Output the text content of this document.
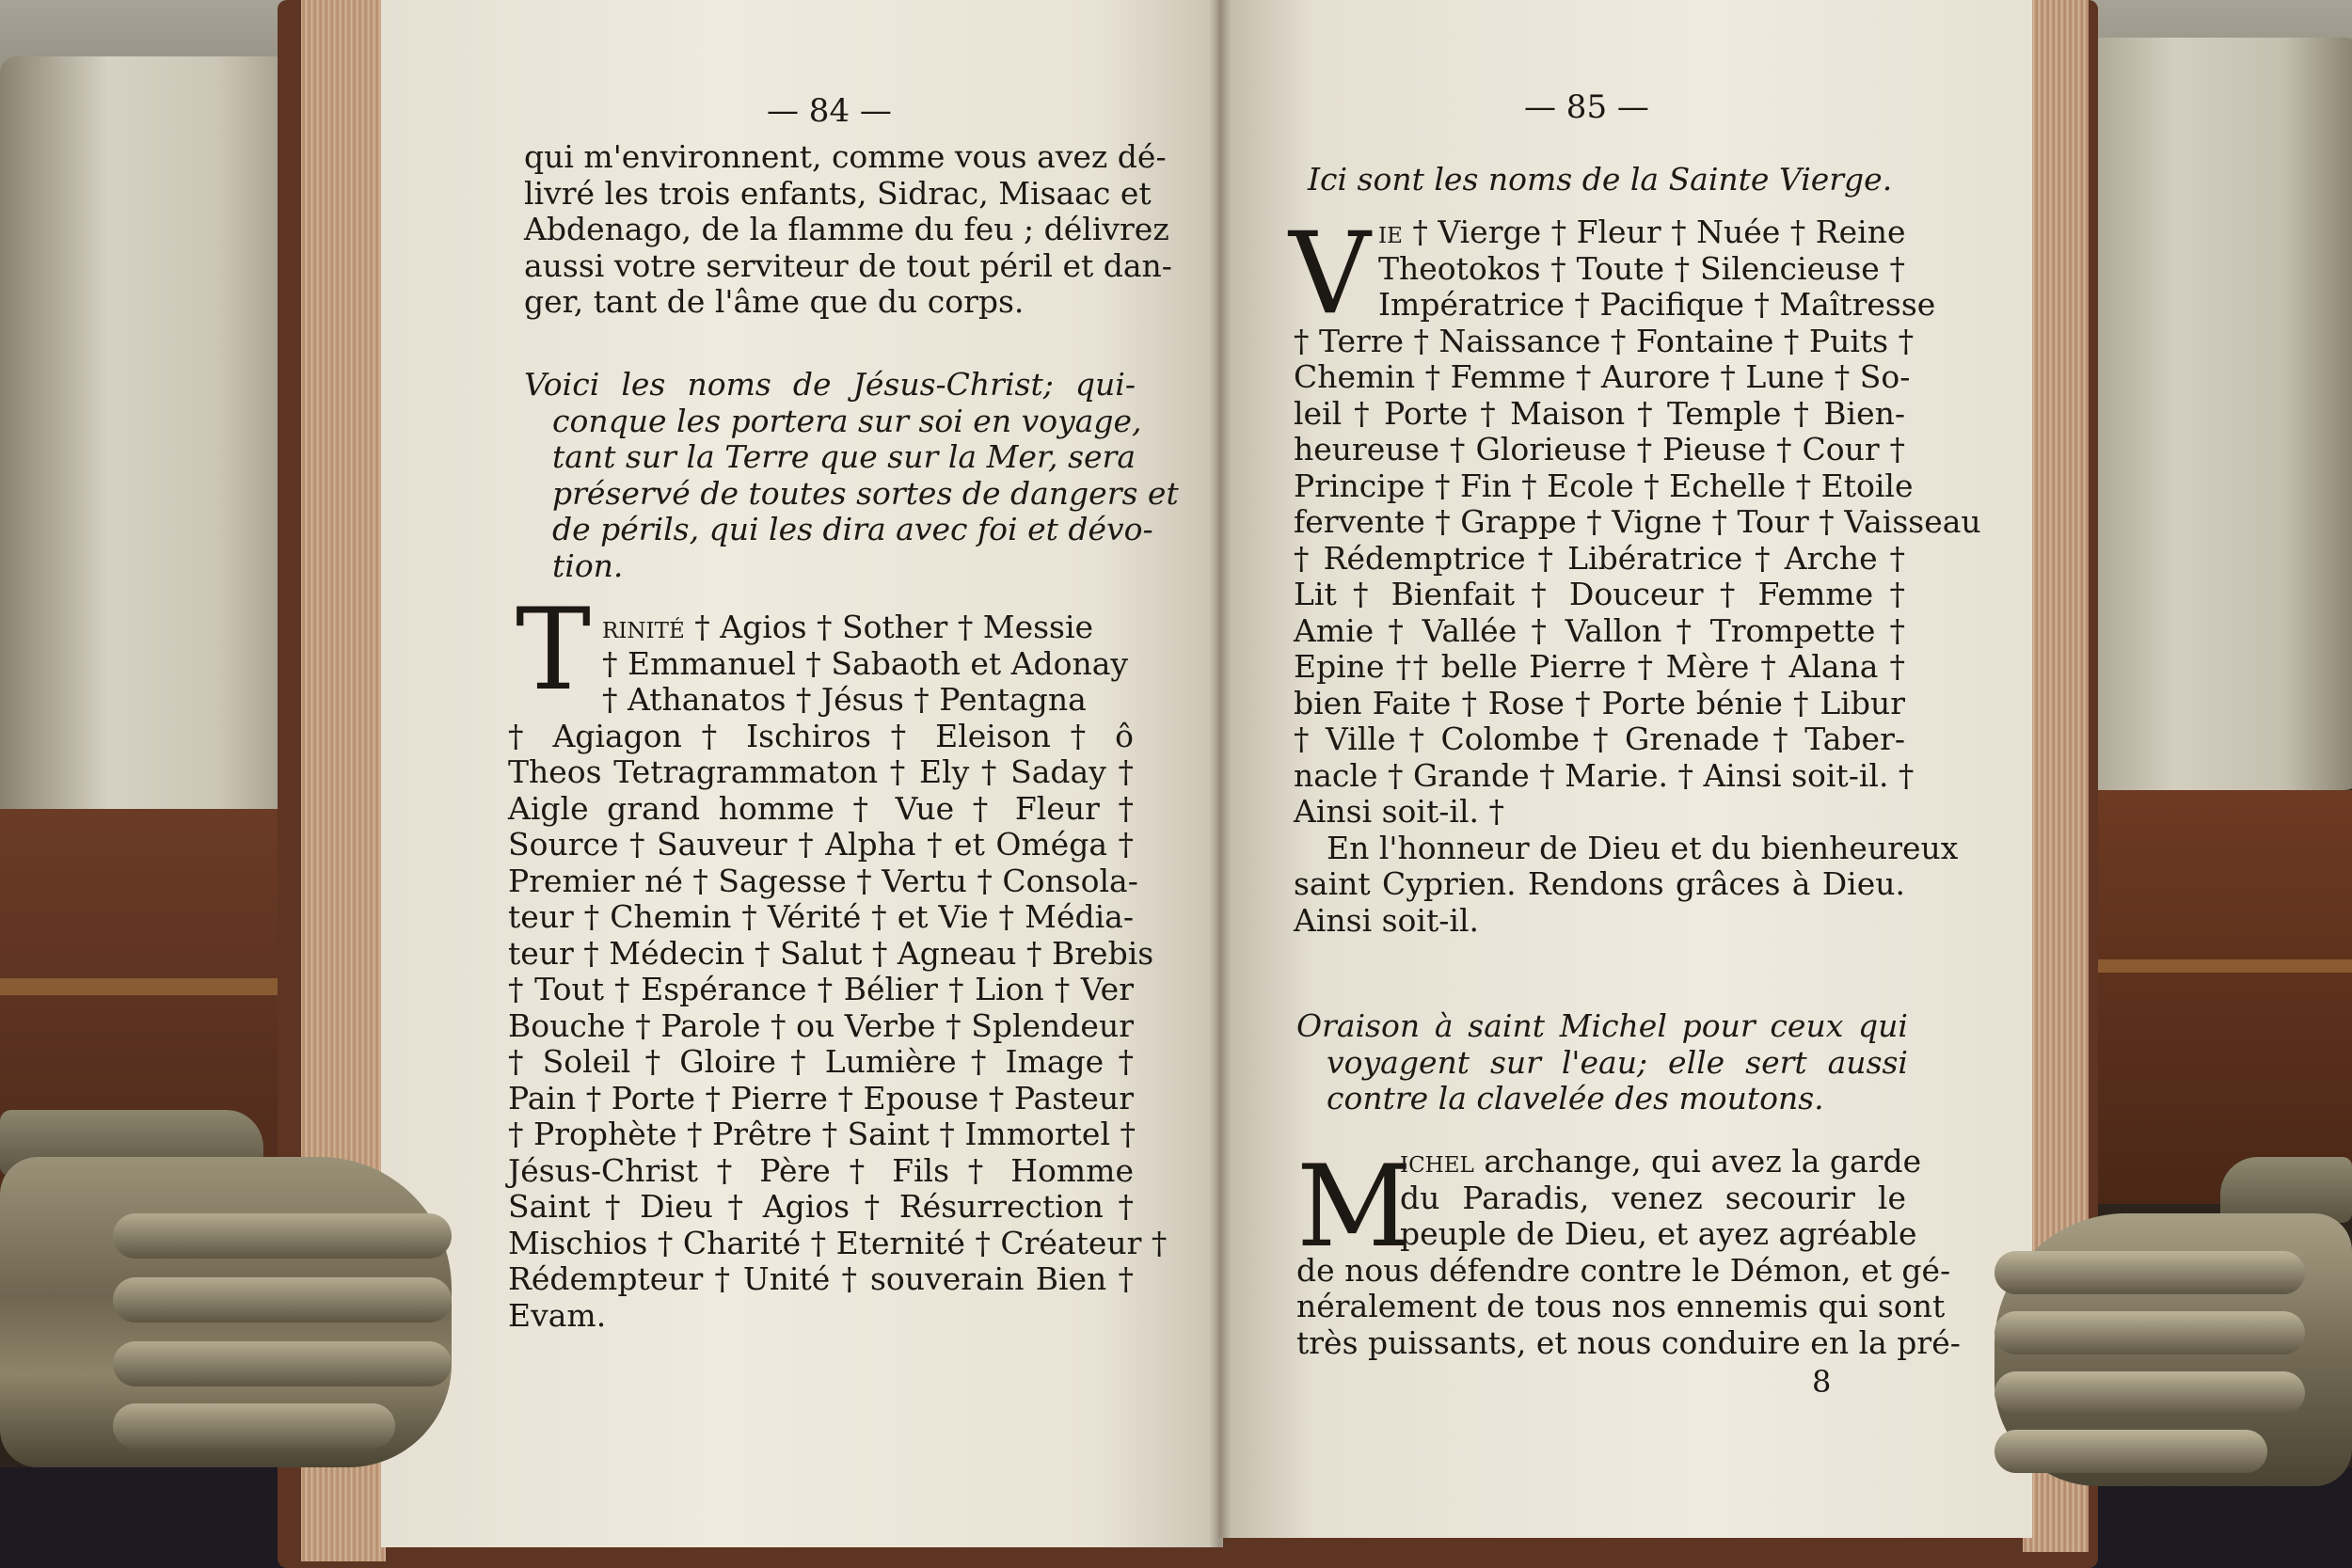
— 84 —
qui m'environnent, comme vous avez dé-
livré les trois enfants, Sidrac, Misaac et
Abdenago, de la flamme du feu ; délivrez
aussi votre serviteur de tout péril et dan-
ger, tant de l'âme que du corps.
Voici les noms de Jésus-Christ; qui-
conque les portera sur soi en voyage,
tant sur la Terre que sur la Mer, sera
préservé de toutes sortes de dangers et
de périls, qui les dira avec foi et dévo-
tion.
T rinité † Agios † Sother † Messie
† Emmanuel † Sabaoth et Adonay
† Athanatos † Jésus † Pentagna
† Agiagon † Ischiros † Eleison † ô
Theos Tetragrammaton † Ely † Saday †
Aigle grand homme † Vue † Fleur †
Source † Sauveur † Alpha † et Oméga †
Premier né † Sagesse † Vertu † Consola-
teur † Chemin † Vérité † et Vie † Média-
teur † Médecin † Salut † Agneau † Brebis
† Tout † Espérance † Bélier † Lion † Ver
Bouche † Parole † ou Verbe † Splendeur
† Soleil † Gloire † Lumière † Image †
Pain † Porte † Pierre † Epouse † Pasteur
† Prophète † Prêtre † Saint † Immortel †
Jésus-Christ † Père † Fils † Homme
Saint † Dieu † Agios † Résurrection †
Mischios † Charité † Eternité † Créateur †
Rédempteur † Unité † souverain Bien †
Evam.
— 85 —
Ici sont les noms de la Sainte Vierge.
V ie † Vierge † Fleur † Nuée † Reine
Theotokos † Toute † Silencieuse †
Impératrice † Pacifique † Maîtresse
† Terre † Naissance † Fontaine † Puits †
Chemin † Femme † Aurore † Lune † So-
leil † Porte † Maison † Temple † Bien-
heureuse † Glorieuse † Pieuse † Cour †
Principe † Fin † Ecole † Echelle † Etoile
fervente † Grappe † Vigne † Tour † Vaisseau
† Rédemptrice † Libératrice † Arche †
Lit † Bienfait † Douceur † Femme †
Amie † Vallée † Vallon † Trompette †
Epine †† belle Pierre † Mère † Alana †
bien Faite † Rose † Porte bénie † Libur
† Ville † Colombe † Grenade † Taber-
nacle † Grande † Marie. † Ainsi soit-il. †
Ainsi soit-il. †
En l'honneur de Dieu et du bienheureux
saint Cyprien. Rendons grâces à Dieu.
Ainsi soit-il.
Oraison à saint Michel pour ceux qui
voyagent sur l'eau; elle sert aussi
contre la clavelée des moutons.
M
ichel archange, qui avez la garde
du Paradis, venez secourir le
peuple de Dieu, et ayez agréable
de nous défendre contre le Démon, et gé-
néralement de tous nos ennemis qui sont
très puissants, et nous conduire en la pré-
8
